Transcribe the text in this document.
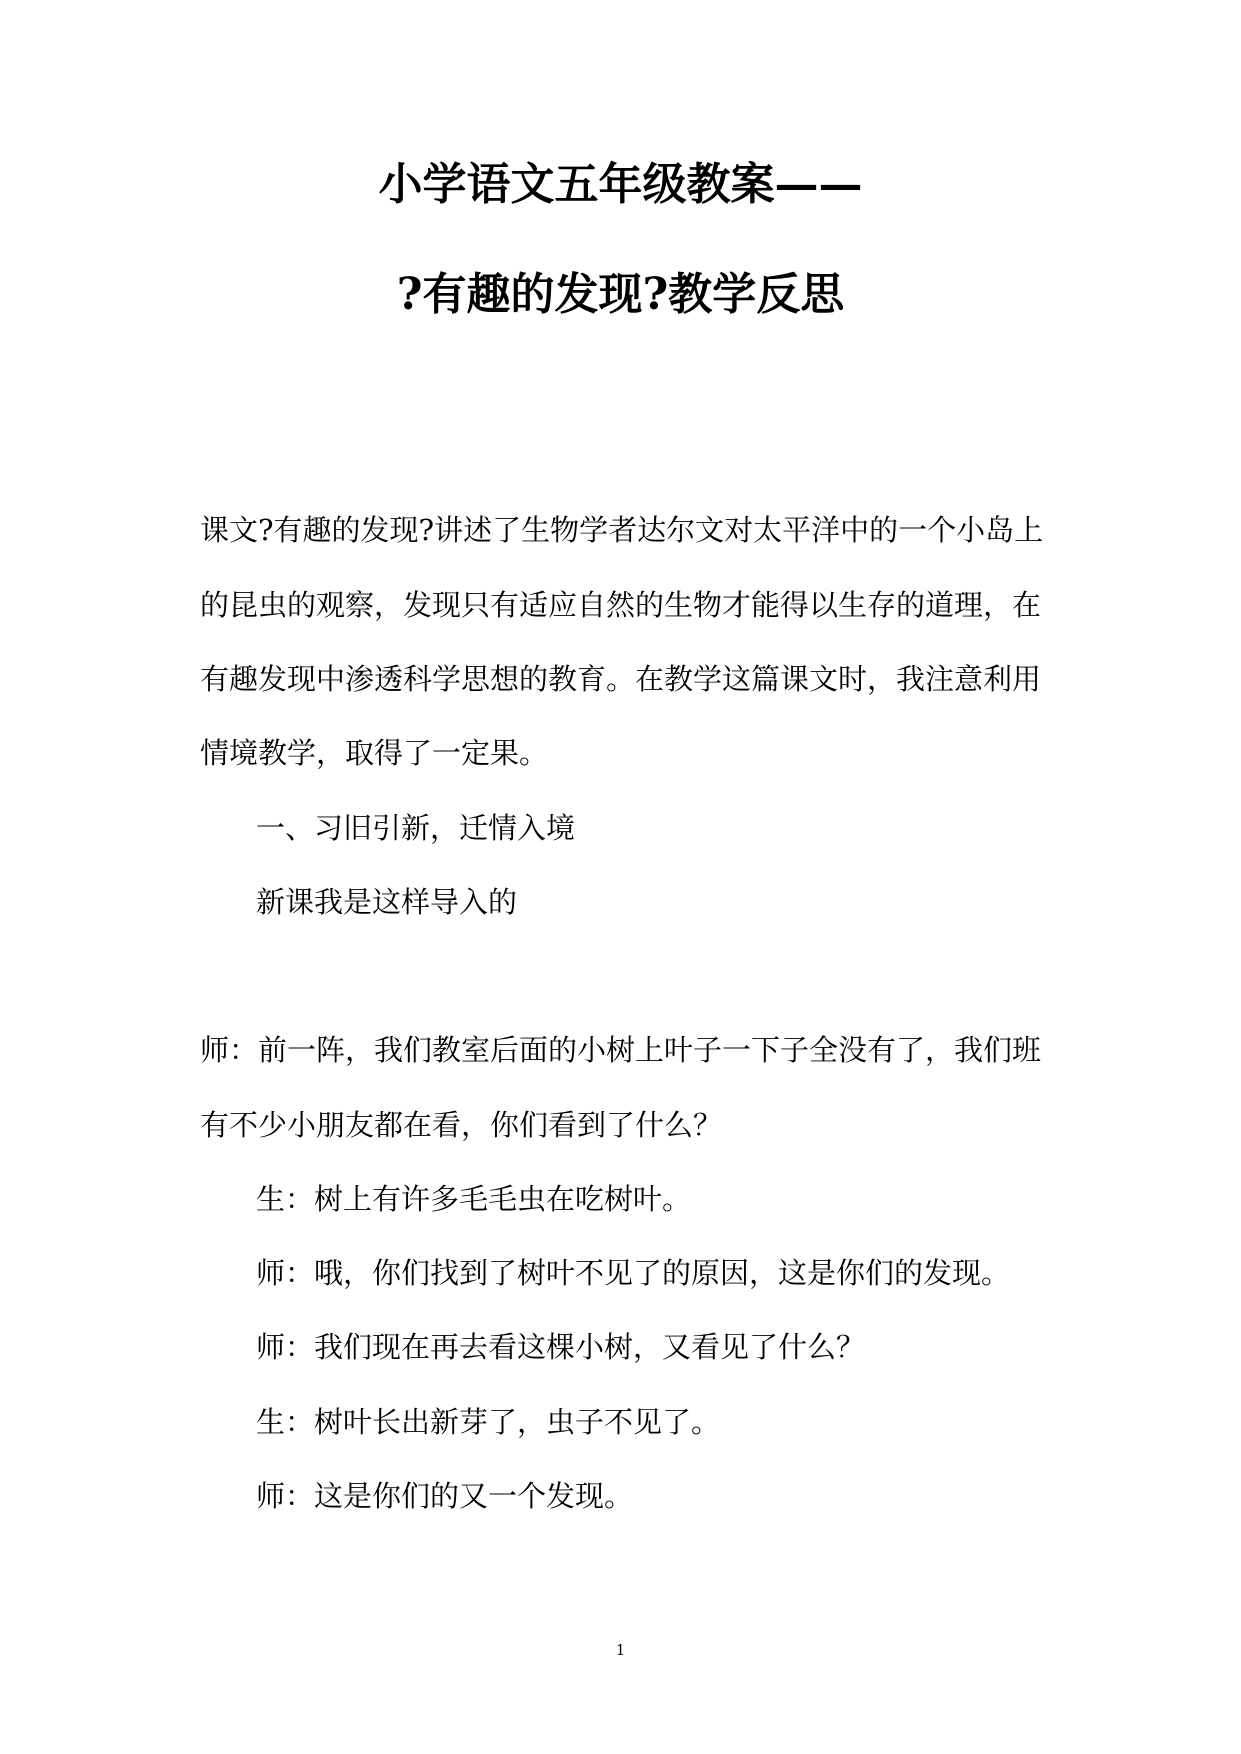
小学语文五年级教案——
?有趣的发现?教学反思
课文?有趣的发现?讲述了生物学者达尔文对太平洋中的一个小岛上
的昆虫的观察，发现只有适应自然的生物才能得以生存的道理，在
有趣发现中渗透科学思想的教育。在教学这篇课文时，我注意利用
情境教学，取得了一定果。
一、习旧引新，迁情入境
新课我是这样导入的
师：前一阵，我们教室后面的小树上叶子一下子全没有了，我们班
有不少小朋友都在看，你们看到了什么？
生：树上有许多毛毛虫在吃树叶。
师：哦，你们找到了树叶不见了的原因，这是你们的发现。
师：我们现在再去看这棵小树，又看见了什么？
生：树叶长出新芽了，虫子不见了。
师：这是你们的又一个发现。
1
